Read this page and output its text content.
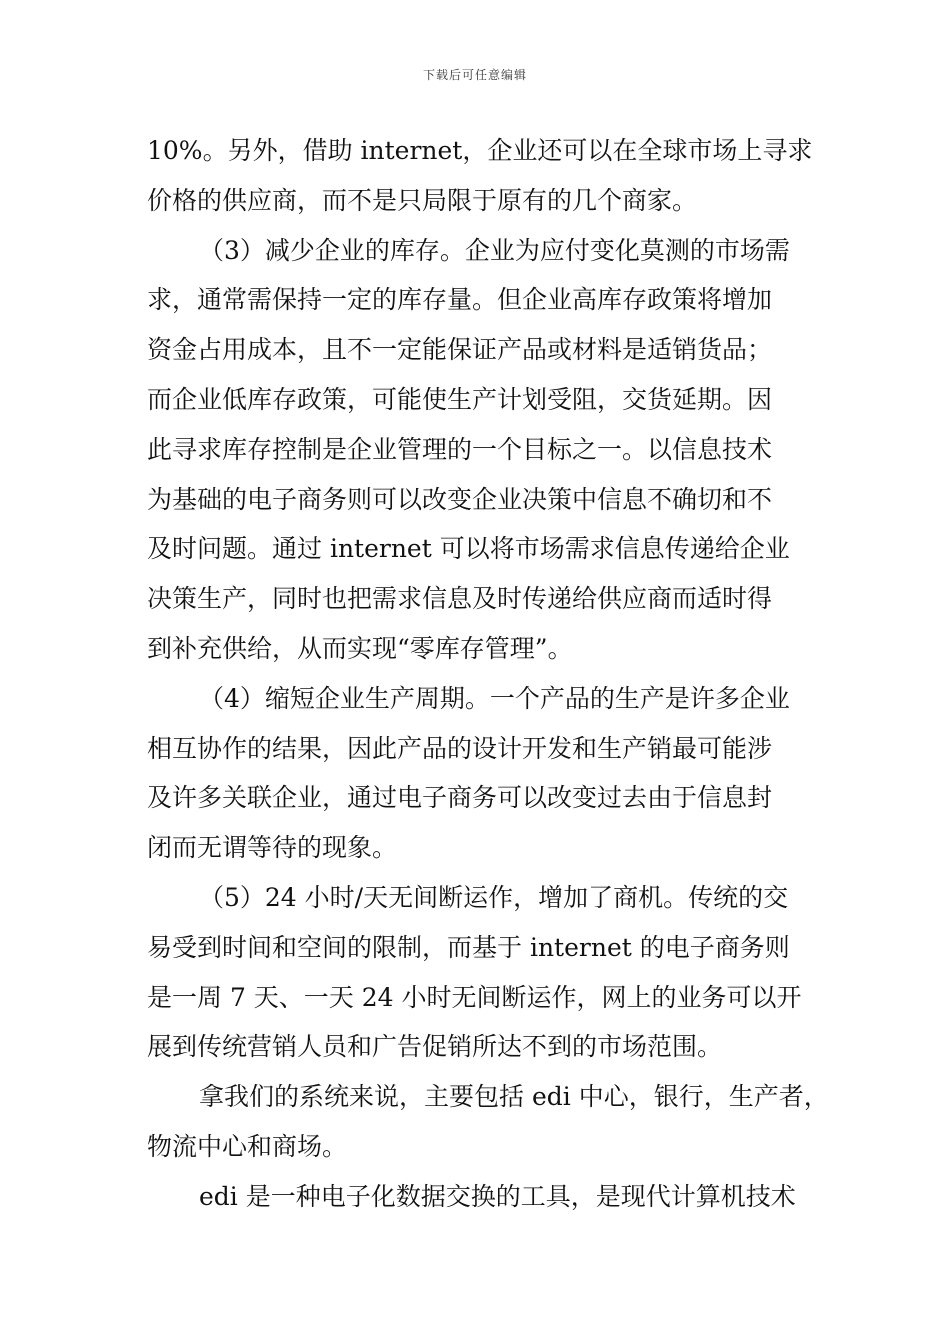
下载后可任意编辑
10%。另外，借助 internet，企业还可以在全球市场上寻求
价格的供应商，而不是只局限于原有的几个商家。
（3）减少企业的库存。企业为应付变化莫测的市场需
求，通常需保持一定的库存量。但企业高库存政策将增加
资金占用成本，且不一定能保证产品或材料是适销货品；
而企业低库存政策，可能使生产计划受阻，交货延期。因
此寻求库存控制是企业管理的一个目标之一。以信息技术
为基础的电子商务则可以改变企业决策中信息不确切和不
及时问题。通过 internet 可以将市场需求信息传递给企业
决策生产，同时也把需求信息及时传递给供应商而适时得
到补充供给，从而实现“零库存管理”。
（4）缩短企业生产周期。一个产品的生产是许多企业
相互协作的结果，因此产品的设计开发和生产销最可能涉
及许多关联企业，通过电子商务可以改变过去由于信息封
闭而无谓等待的现象。
（5）24 小时/天无间断运作，增加了商机。传统的交
易受到时间和空间的限制，而基于 internet 的电子商务则
是一周 7 天、一天 24 小时无间断运作，网上的业务可以开
展到传统营销人员和广告促销所达不到的市场范围。
拿我们的系统来说，主要包括 edi 中心，银行，生产者，
物流中心和商场。
edi 是一种电子化数据交换的工具，是现代计算机技术
